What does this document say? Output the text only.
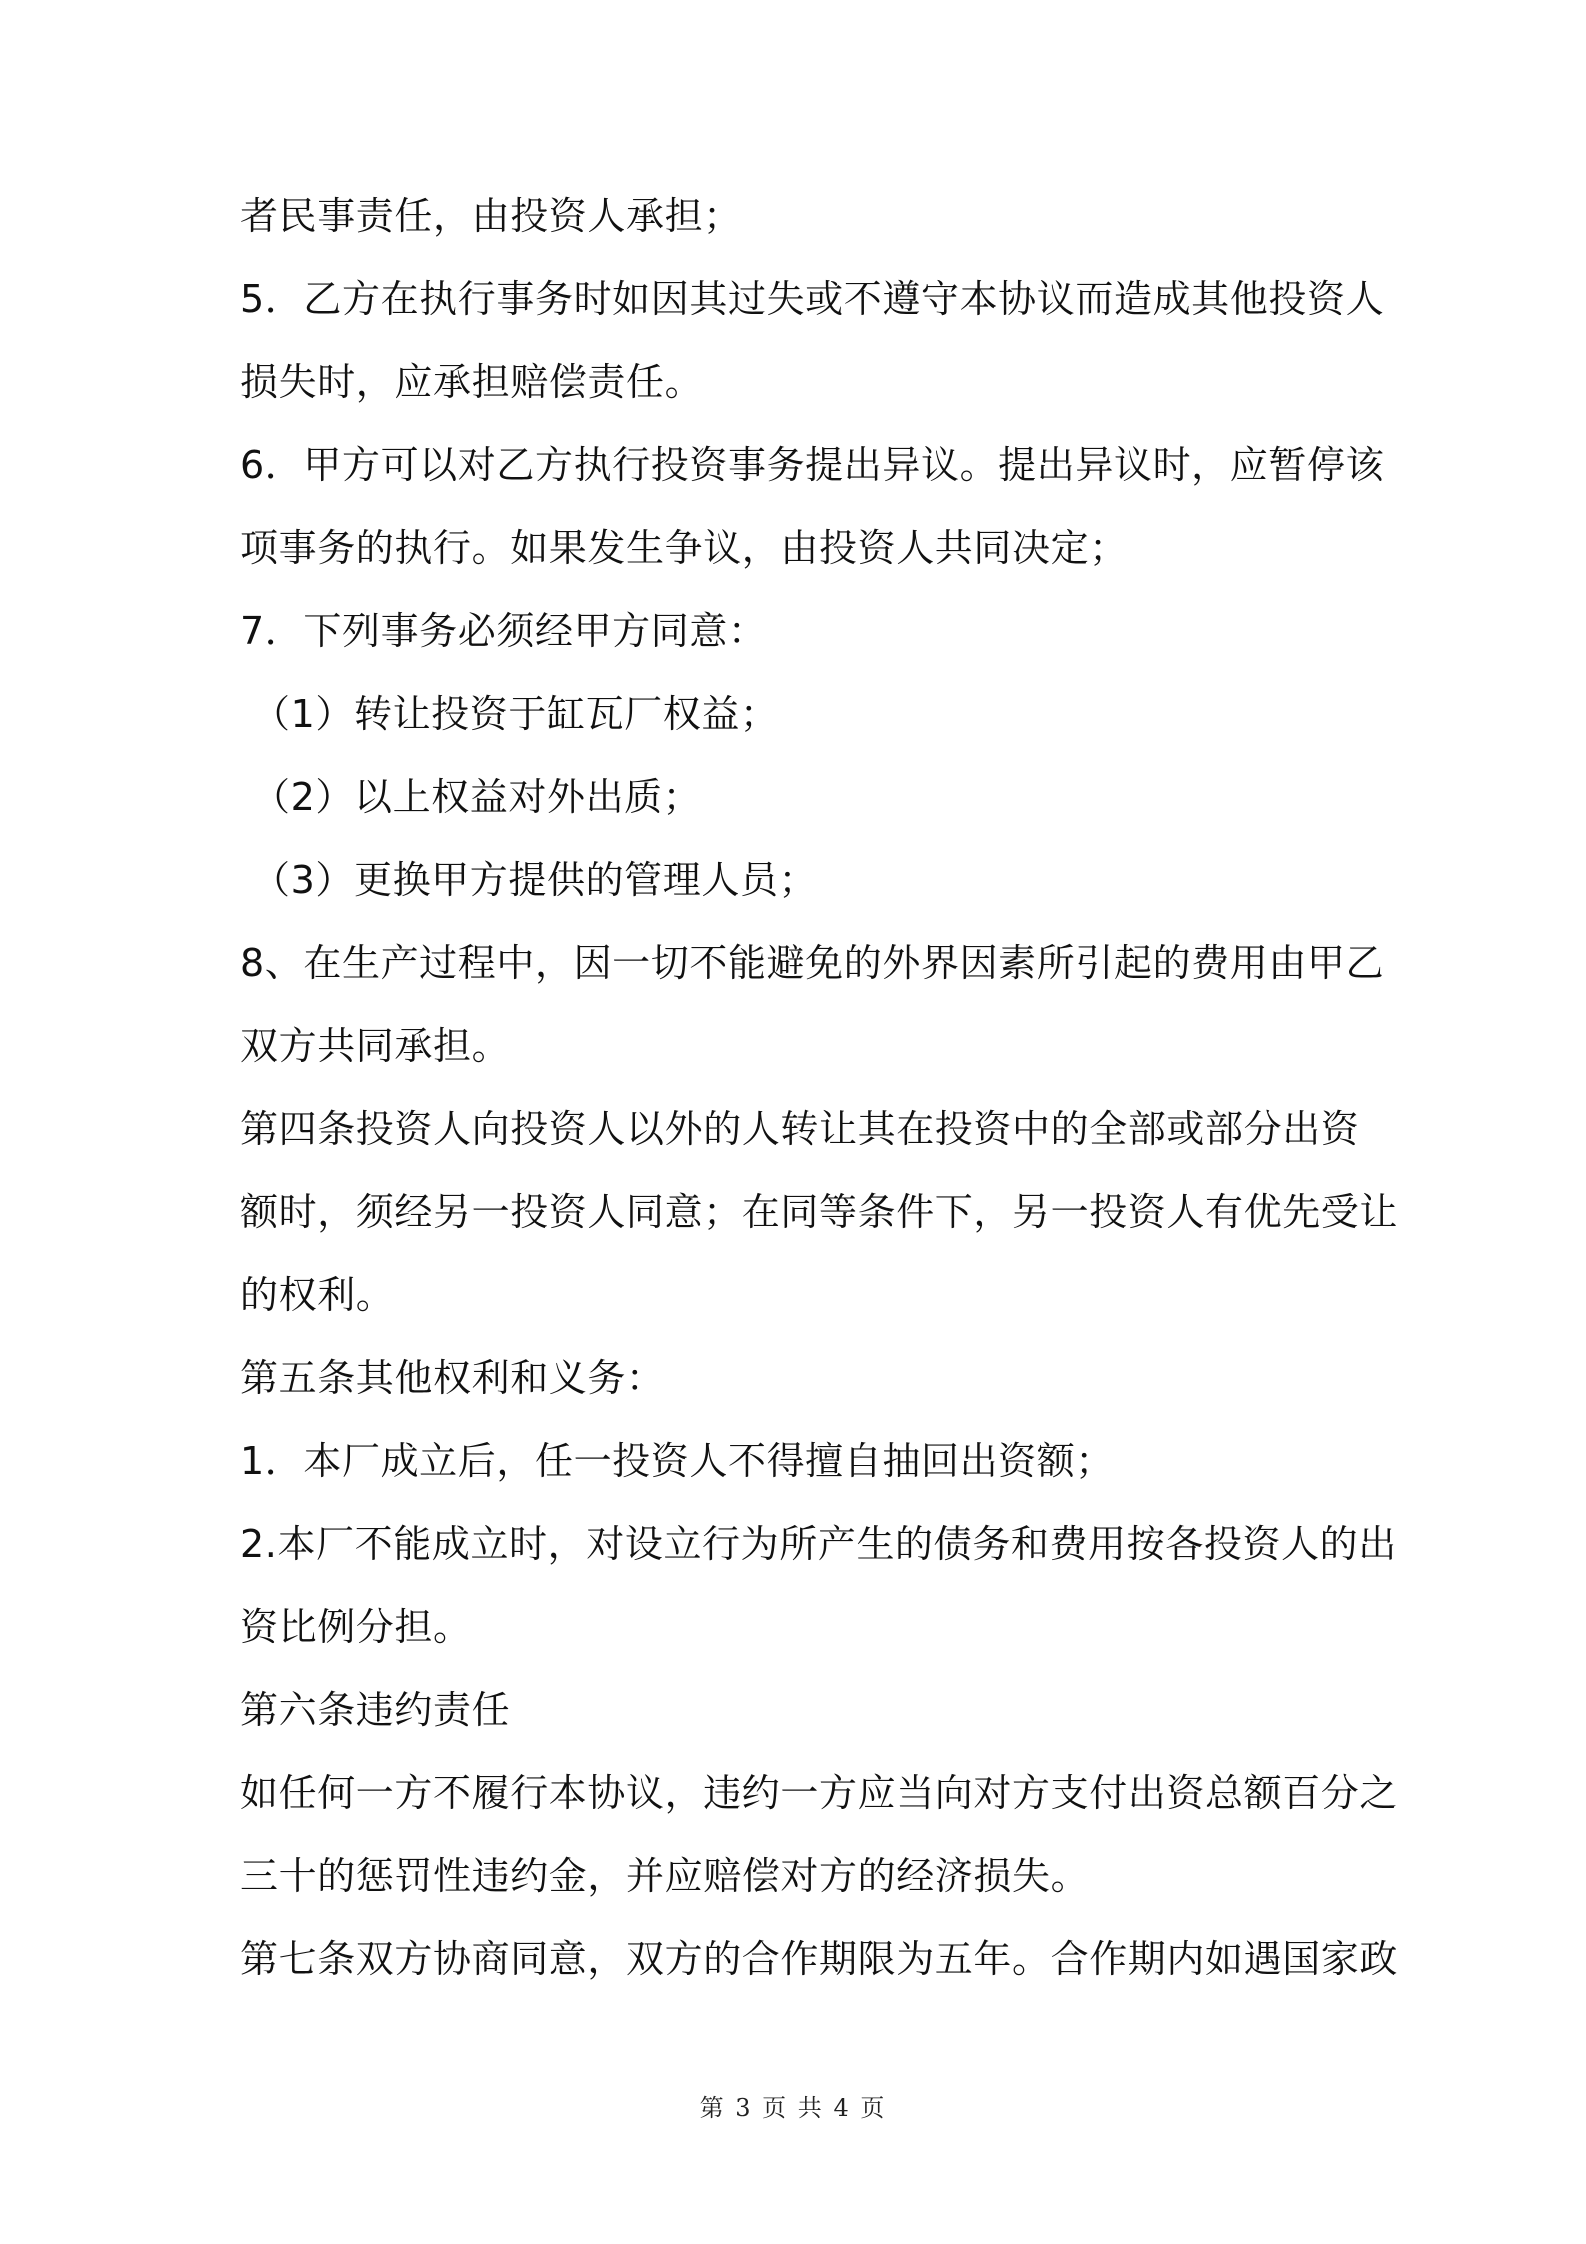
者民事责任，由投资人承担；
5．乙方在执行事务时如因其过失或不遵守本协议而造成其他投资人
损失时，应承担赔偿责任。
6．甲方可以对乙方执行投资事务提出异议。提出异议时，应暂停该
项事务的执行。如果发生争议，由投资人共同决定；
7．下列事务必须经甲方同意：
（1）转让投资于缸瓦厂权益；
（2）以上权益对外出质；
（3）更换甲方提供的管理人员；
8、在生产过程中，因一切不能避免的外界因素所引起的费用由甲乙
双方共同承担。
第四条投资人向投资人以外的人转让其在投资中的全部或部分出资
额时，须经另一投资人同意；在同等条件下，另一投资人有优先受让
的权利。
第五条其他权利和义务：
1．本厂成立后，任一投资人不得擅自抽回出资额；
2.本厂不能成立时，对设立行为所产生的债务和费用按各投资人的出
资比例分担。
第六条违约责任
如任何一方不履行本协议，违约一方应当向对方支付出资总额百分之
三十的惩罚性违约金，并应赔偿对方的经济损失。
第七条双方协商同意，双方的合作期限为五年。合作期内如遇国家政
第 3 页 共 4 页
